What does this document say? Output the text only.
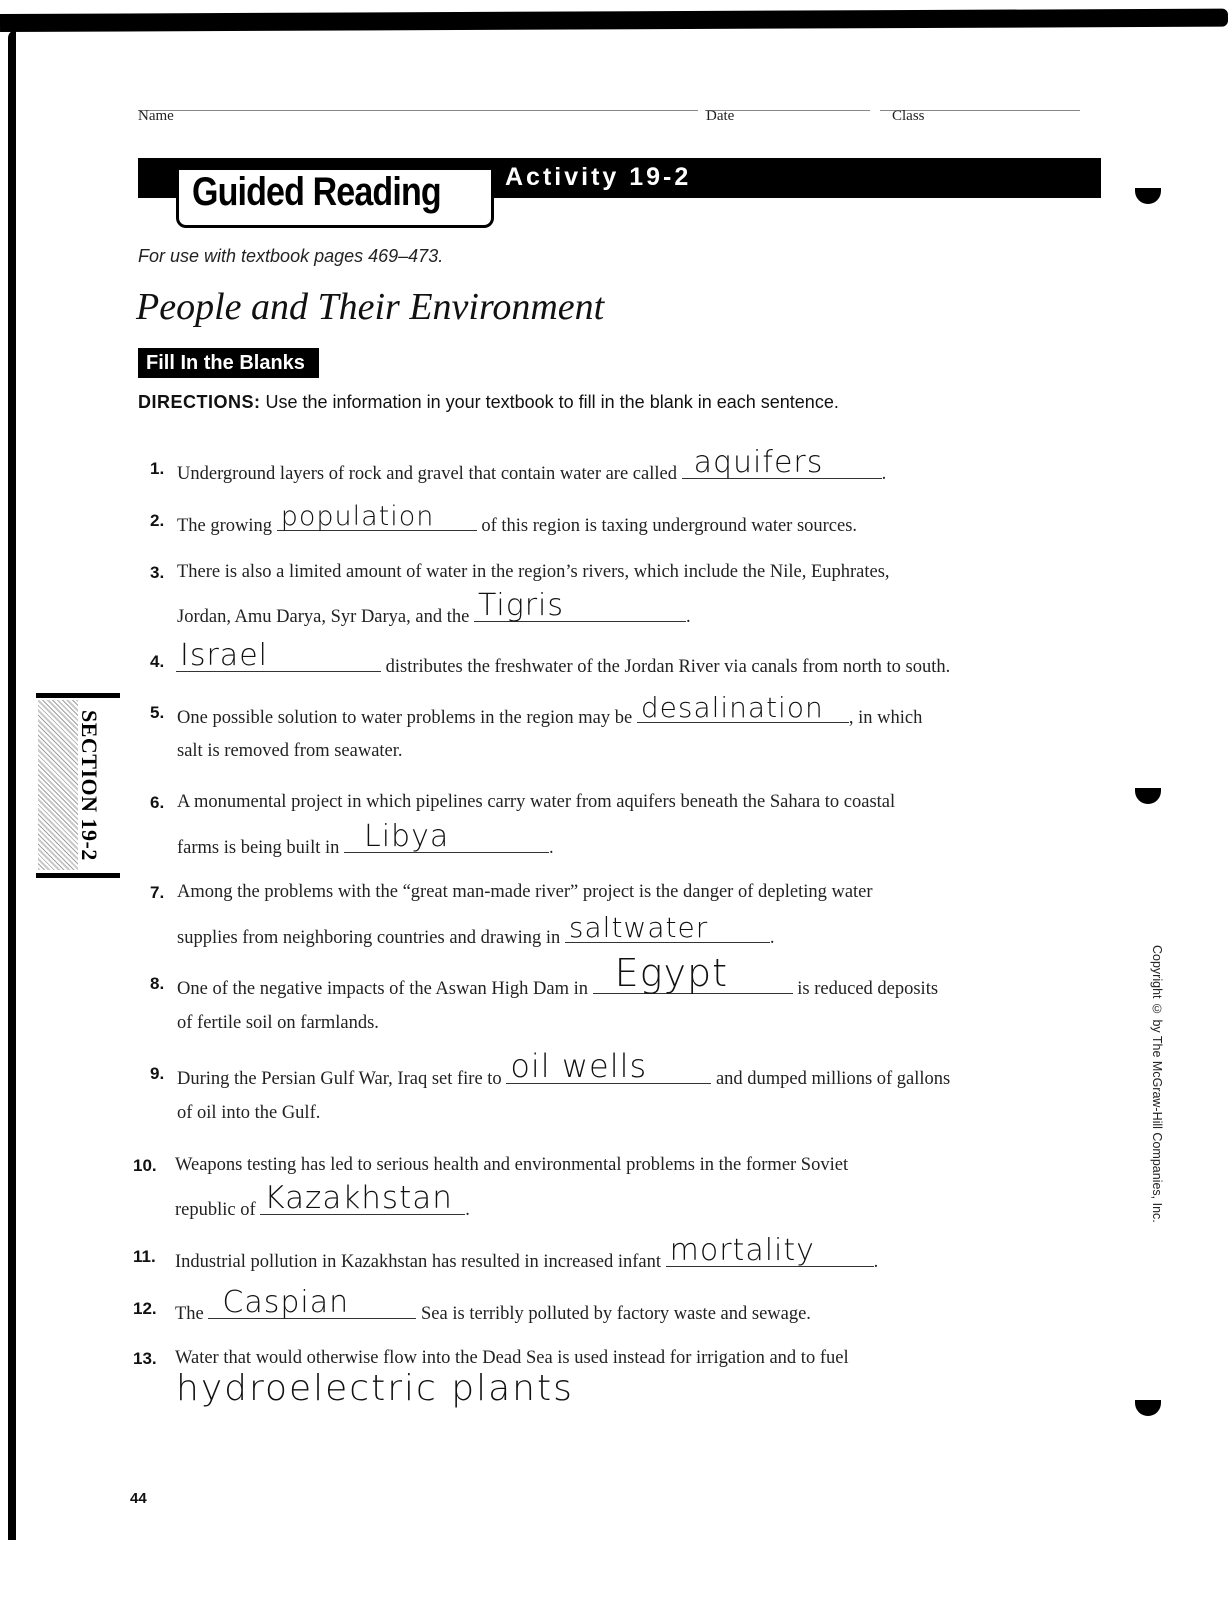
Name	Date	Class
Guided Reading	Activity 19-2
For use with textbook pages 469–473.
People and Their Environment
Fill In the Blanks
DIRECTIONS: Use the information in your textbook to fill in the blank in each sentence.
1. Underground layers of rock and gravel that contain water are called aquifers	.
2. The growing population of this region is taxing underground water sources.
3. There is also a limited amount of water in the region’s rivers, which include the Nile, Euphrates,
Jordan, Amu Darya, Syr Darya, and the Tigris	.
4. Israel	distributes the freshwater of the Jordan River via canals from north to south.
5. One possible solution to water problems in the region may be desalination , in which
salt is removed from seawater.
6. A monumental project in which pipelines carry water from aquifers beneath the Sahara to coastal
farms is being built in Libya	.
7. Among the problems with the “great man-made river” project is the danger of depleting water
supplies from neighboring countries and drawing in saltwater	.
8. One of the negative impacts of the Aswan High Dam in Egypt	is reduced deposits
of fertile soil on farmlands.
9. During the Persian Gulf War, Iraq set fire to oil wells	and dumped millions of gallons
of oil into the Gulf.
10. Weapons testing has led to serious health and environmental problems in the former Soviet
republic of Kazakhstan .
11. Industrial pollution in Kazakhstan has resulted in increased infant mortality	.
12. The Caspian	Sea is terribly polluted by factory waste and sewage.
13. Water that would otherwise flow into the Dead Sea is used instead for irrigation and to fuel
hydroelectric plants
SECTION 19-2
Copyright © by The McGraw-Hill Companies, Inc.
44
